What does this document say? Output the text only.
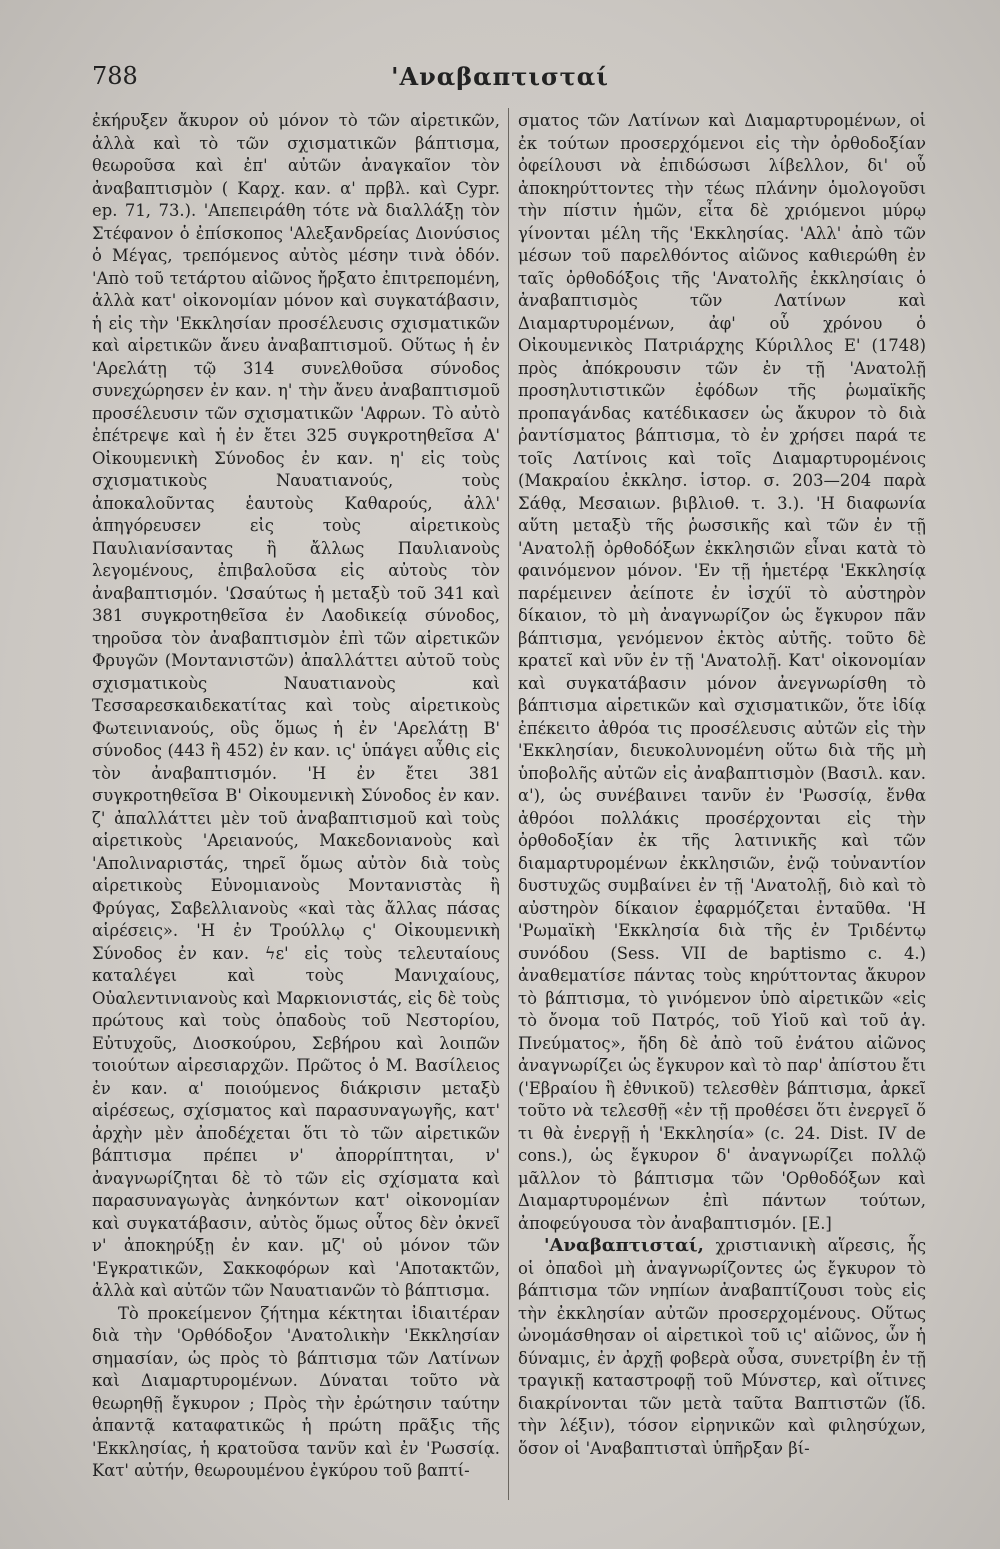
788	'Αναβαπτισταί

ἐκήρυξεν ἄκυρον οὐ μόνον τὸ τῶν αἱρετικῶν, ἀλλὰ καὶ τὸ τῶν σχισματικῶν βάπτισμα, θεωροῦσα καὶ ἐπ' αὐτῶν ἀναγκαῖον τὸν ἀναβαπτισμὸν ( Καρχ. καν. α' πρβλ. καὶ Cypr. ep. 71, 73.). 'Απεπειράθη τότε νὰ διαλλάξῃ τὸν Στέφανον ὁ ἐπίσκοπος 'Αλεξανδρείας Διονύσιος ὁ Μέγας, τρεπόμενος αὐτὸς μέσην τινὰ ὁδόν. 'Απὸ τοῦ τετάρτου αἰῶνος ἤρξατο ἐπιτρεπομένη, ἀλλὰ κατ' οἰκονομίαν μόνον καὶ συγκατάβασιν, ἡ εἰς τὴν 'Εκκλησίαν προσέλευσις σχισματικῶν καὶ αἱρετικῶν ἄνευ ἀναβαπτισμοῦ. Οὕτως ἡ ἐν 'Αρελάτῃ τῷ 314 συνελθοῦσα σύνοδος συνεχώρησεν ἐν καν. η' τὴν ἄνευ ἀναβαπτισμοῦ προσέλευσιν τῶν σχισματικῶν 'Αφρων. Τὸ αὐτὸ ἐπέτρεψε καὶ ἡ ἐν ἔτει 325 συγκροτηθεῖσα Α' Οἰκουμενικὴ Σύνοδος ἐν καν. η' εἰς τοὺς σχισματικοὺς Ναυατιανούς, τοὺς ἀποκαλοῦντας ἑαυτοὺς Καθαρούς, ἀλλ' ἀπηγόρευσεν εἰς τοὺς αἱρετικοὺς Παυλιανίσαντας ἢ ἄλλως Παυλιανοὺς λεγομένους, ἐπιβαλοῦσα εἰς αὐτοὺς τὸν ἀναβαπτισμόν. 'Ωσαύτως ἡ μεταξὺ τοῦ 341 καὶ 381 συγκροτηθεῖσα ἐν Λαοδικείᾳ σύνοδος, τηροῦσα τὸν ἀναβαπτισμὸν ἐπὶ τῶν αἱρετικῶν Φρυγῶν (Μοντανιστῶν) ἀπαλλάττει αὐτοῦ τοὺς σχισματικοὺς Ναυατιανοὺς καὶ Τεσσαρεσκαιδεκατίτας καὶ τοὺς αἱρετικοὺς Φωτεινιανούς, οὓς ὅμως ἡ ἐν 'Αρελάτῃ Β' σύνοδος (443 ἢ 452) ἐν καν. ις' ὑπάγει αὖθις εἰς τὸν ἀναβαπτισμόν. 'Η ἐν ἔτει 381 συγκροτηθεῖσα Β' Οἰκουμενικὴ Σύνοδος ἐν καν. ζ' ἀπαλλάττει μὲν τοῦ ἀναβαπτισμοῦ καὶ τοὺς αἱρετικοὺς 'Αρειανούς, Μακεδονιανοὺς καὶ 'Απολιναριστάς, τηρεῖ ὅμως αὐτὸν διὰ τοὺς αἱρετικοὺς Εὐνομιανοὺς Μοντανιστὰς ἢ Φρύγας, Σαβελλιανοὺς «καὶ τὰς ἄλλας πάσας αἱρέσεις». 'Η ἐν Τρούλλῳ ς' Οἰκουμενικὴ Σύνοδος ἐν καν. ϟε' εἰς τοὺς τελευταίους καταλέγει καὶ τοὺς Μανιχαίους, Οὐαλεντινιανοὺς καὶ Μαρκιονιστάς, εἰς δὲ τοὺς πρώτους καὶ τοὺς ὀπαδοὺς τοῦ Νεστορίου, Εὐτυχοῦς, Διοσκούρου, Σεβήρου καὶ λοιπῶν τοιούτων αἱρεσιαρχῶν. Πρῶτος ὁ Μ. Βασίλειος ἐν καν. α' ποιούμενος διάκρισιν μεταξὺ αἱρέσεως, σχίσματος καὶ παρασυναγωγῆς, κατ' ἀρχὴν μὲν ἀποδέχεται ὅτι τὸ τῶν αἱρετικῶν βάπτισμα πρέπει ν' ἀπορρίπτηται, ν' ἀναγνωρίζηται δὲ τὸ τῶν εἰς σχίσματα καὶ παρασυναγωγὰς ἀνηκόντων κατ' οἰκονομίαν καὶ συγκατάβασιν, αὐτὸς ὅμως οὗτος δὲν ὀκνεῖ ν' ἀποκηρύξῃ ἐν καν. μζ' οὐ μόνον τῶν 'Εγκρατικῶν, Σακκοφόρων καὶ 'Αποτακτῶν, ἀλλὰ καὶ αὐτῶν τῶν Ναυατιανῶν τὸ βάπτισμα.

Τὸ προκείμενον ζήτημα κέκτηται ἰδιαιτέραν διὰ τὴν 'Ορθόδοξον 'Ανατολικὴν 'Εκκλησίαν σημασίαν, ὡς πρὸς τὸ βάπτισμα τῶν Λατίνων καὶ Διαμαρτυρομένων. Δύναται τοῦτο νὰ θεωρηθῇ ἔγκυρον ; Πρὸς τὴν ἐρώτησιν ταύτην ἀπαντᾷ καταφατικῶς ἡ πρώτη πρᾶξις τῆς 'Εκκλησίας, ἡ κρατοῦσα τανῦν καὶ ἐν 'Ρωσσίᾳ. Κατ' αὐτήν, θεωρουμένου ἐγκύρου τοῦ βαπτί-

σματος τῶν Λατίνων καὶ Διαμαρτυρομένων, οἱ ἐκ τούτων προσερχόμενοι εἰς τὴν ὀρθοδοξίαν ὀφείλουσι νὰ ἐπιδώσωσι λίβελλον, δι' οὗ ἀποκηρύττοντες τὴν τέως πλάνην ὁμολογοῦσι τὴν πίστιν ἡμῶν, εἶτα δὲ χριόμενοι μύρῳ γίνονται μέλη τῆς 'Εκκλησίας. 'Αλλ' ἀπὸ τῶν μέσων τοῦ παρελθόντος αἰῶνος καθιερώθη ἐν ταῖς ὀρθοδόξοις τῆς 'Ανατολῆς ἐκκλησίαις ὁ ἀναβαπτισμὸς τῶν Λατίνων καὶ Διαμαρτυρομένων, ἀφ' οὗ χρόνου ὁ Οἰκουμενικὸς Πατριάρχης Κύριλλος Ε' (1748) πρὸς ἀπόκρουσιν τῶν ἐν τῇ 'Ανατολῇ προσηλυτιστικῶν ἐφόδων τῆς ῥωμαϊκῆς προπαγάνδας κατέδικασεν ὡς ἄκυρον τὸ διὰ ῥαντίσματος βάπτισμα, τὸ ἐν χρήσει παρά τε τοῖς Λατίνοις καὶ τοῖς Διαμαρτυρομένοις (Μακραίου ἐκκλησ. ἱστορ. σ. 203—204 παρὰ Σάθᾳ, Μεσαιων. βιβλιοθ. τ. 3.). 'Η διαφωνία αὕτη μεταξὺ τῆς ῥωσσικῆς καὶ τῶν ἐν τῇ 'Ανατολῇ ὀρθοδόξων ἐκκλησιῶν εἶναι κατὰ τὸ φαινόμενον μόνον. 'Εν τῇ ἡμετέρᾳ 'Εκκλησίᾳ παρέμεινεν ἀείποτε ἐν ἰσχύϊ τὸ αὐστηρὸν δίκαιον, τὸ μὴ ἀναγνωρίζον ὡς ἔγκυρον πᾶν βάπτισμα, γενόμενον ἐκτὸς αὐτῆς. τοῦτο δὲ κρατεῖ καὶ νῦν ἐν τῇ 'Ανατολῇ. Κατ' οἰκονομίαν καὶ συγκατάβασιν μόνον ἀνεγνωρίσθη τὸ βάπτισμα αἱρετικῶν καὶ σχισματικῶν, ὅτε ἰδίᾳ ἐπέκειτο ἀθρόα τις προσέλευσις αὐτῶν εἰς τὴν 'Εκκλησίαν, διευκολυνομένη οὕτω διὰ τῆς μὴ ὑποβολῆς αὐτῶν εἰς ἀναβαπτισμὸν (Βασιλ. καν. α'), ὡς συνέβαινει τανῦν ἐν 'Ρωσσίᾳ, ἔνθα ἀθρόοι πολλάκις προσέρχονται εἰς τὴν ὀρθοδοξίαν ἐκ τῆς λατινικῆς καὶ τῶν διαμαρτυρομένων ἐκκλησιῶν, ἐνῷ τοὐναντίον δυστυχῶς συμβαίνει ἐν τῇ 'Ανατολῇ, διὸ καὶ τὸ αὐστηρὸν δίκαιον ἐφαρμόζεται ἐνταῦθα. 'Η 'Ρωμαϊκὴ 'Εκκλησία διὰ τῆς ἐν Τριδέντῳ συνόδου (Sess. VII de baptismo c. 4.) ἀναθεματίσε πάντας τοὺς κηρύττοντας ἄκυρον τὸ βάπτισμα, τὸ γινόμενον ὑπὸ αἱρετικῶν «εἰς τὸ ὄνομα τοῦ Πατρός, τοῦ Υἱοῦ καὶ τοῦ ἁγ. Πνεύματος», ἤδη δὲ ἀπὸ τοῦ ἐνάτου αἰῶνος ἀναγνωρίζει ὡς ἔγκυρον καὶ τὸ παρ' ἀπίστου ἔτι ('Εβραίου ἢ ἐθνικοῦ) τελεσθὲν βάπτισμα, ἀρκεῖ τοῦτο νὰ τελεσθῇ «ἐν τῇ προθέσει ὅτι ἐνεργεῖ ὅ τι θὰ ἐνεργῇ ἡ 'Εκκλησία» (c. 24. Dist. IV de cons.), ὡς ἔγκυρον δ' ἀναγνωρίζει πολλῷ μᾶλλον τὸ βάπτισμα τῶν 'Ορθοδόξων καὶ Διαμαρτυρομένων ἐπὶ πάντων τούτων, ἀποφεύγουσα τὸν ἀναβαπτισμόν. [Ε.]

'Αναβαπτισταί, χριστιανικὴ αἵρεσις, ἧς οἱ ὀπαδοὶ μὴ ἀναγνωρίζοντες ὡς ἔγκυρον τὸ βάπτισμα τῶν νηπίων ἀναβαπτίζουσι τοὺς εἰς τὴν ἐκκλησίαν αὐτῶν προσερχομένους. Οὕτως ὠνομάσθησαν οἱ αἱρετικοὶ τοῦ ις' αἰῶνος, ὧν ἡ δύναμις, ἐν ἀρχῇ φοβερὰ οὖσα, συνετρίβη ἐν τῇ τραγικῇ καταστροφῇ τοῦ Μύνστερ, καὶ οἵτινες διακρίνονται τῶν μετὰ ταῦτα Βαπτιστῶν (ἴδ. τὴν λέξιν), τόσον εἰρηνικῶν καὶ φιλησύχων, ὅσον οἱ 'Αναβαπτισταὶ ὑπῆρξαν βί-
